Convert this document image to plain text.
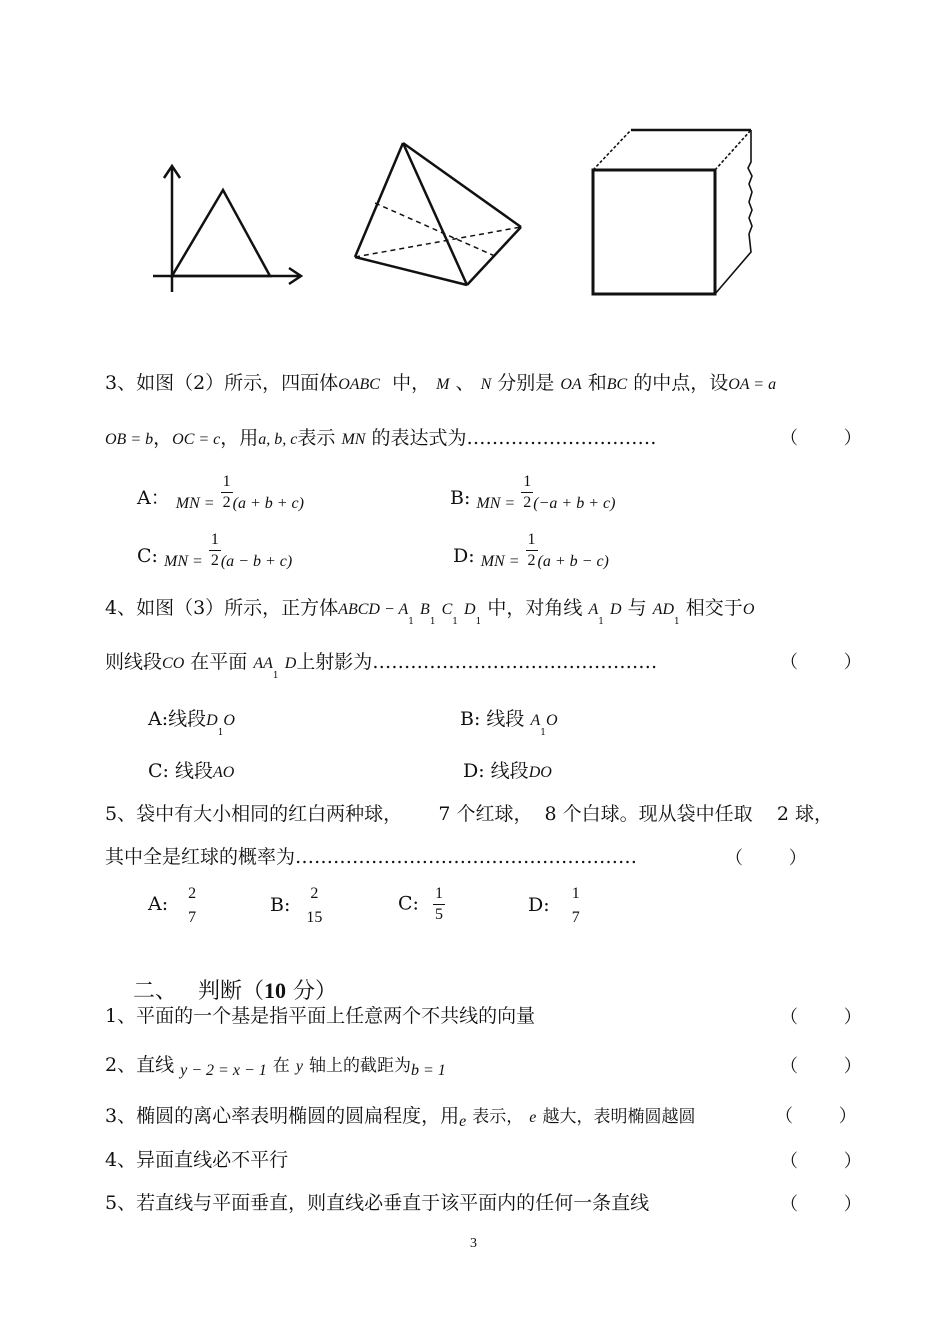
3、如图（2）所示，四面体OABC 中， M 、 N 分别是 OA 和BC 的中点，设OA = a
OB = b，OC = c，用a, b, c表示 MN 的表达式为…………………………	（        ）
A： $_{MN =} \frac{1}{2} _{(a + b + c)}$	B: $_{MN =} \frac{1}{2} _{(-a + b + c)}$
C: $_{MN =} \frac{1}{2} _{(a - b + c)}$	D: $_{MN =} \frac{1}{2} _{(a + b - c)}$
4、如图（3）所示，正方体ABCD − $A_1$ $B_1$ $C_1$ $D_1$ 中，对角线 $A_1$ D 与 $AD_1$ 相交于O
则线段CO 在平面 $AA_1$ D上射影为………………………………………	（        ）
A:线段$D_1O$	B: 线段 $A_1O$
C: 线段AO	D: 线段DO
5、袋中有大小相同的红白两种球，      7 个红球，  8 个白球。现从袋中任取    2 球，
其中全是红球的概率为………………………………………………	（        ）
A: 2
7
B:
2
15
C: $\frac{1}{5}$	D:
1
7

二、   判断（10 分）

1、平面的一个基是指平面上任意两个不共线的向量	（        ）
2、直线 $_{y - 2 = x - 1}$ 在 y 轴上的截距为$_{b = 1}$	（        ）
3、椭圆的离心率表明椭圆的圆扁程度，用$_e$ 表示， e 越大，表明椭圆越圆	（        ）
4、异面直线必不平行	（        ）
5、若直线与平面垂直，则直线必垂直于该平面内的任何一条直线	（        ）
3
